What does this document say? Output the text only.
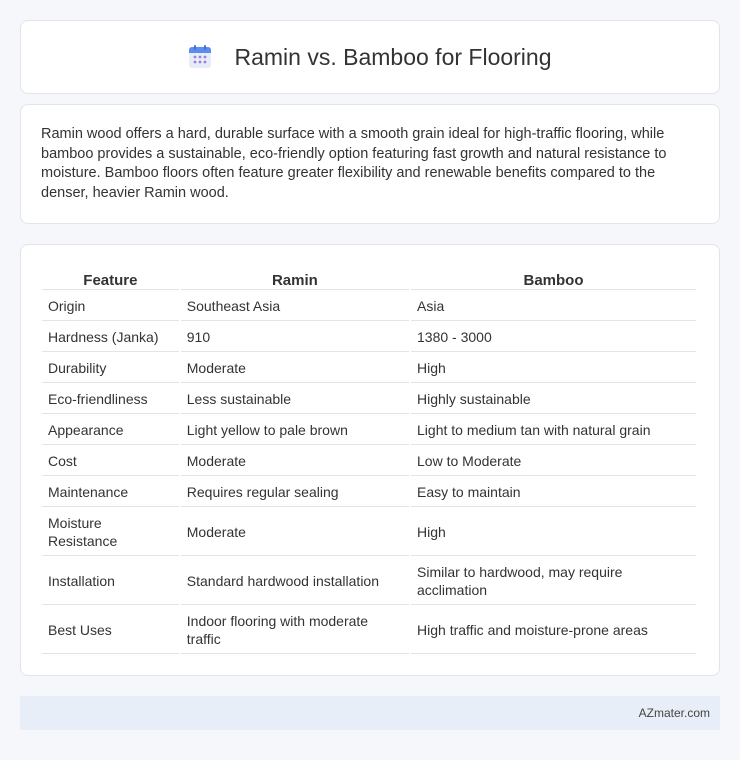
Ramin vs. Bamboo for Flooring

Ramin wood offers a hard, durable surface with a smooth grain ideal for high-traffic flooring, while bamboo provides a sustainable, eco-friendly option featuring fast growth and natural resistance to moisture. Bamboo floors often feature greater flexibility and renewable benefits compared to the denser, heavier Ramin wood.

Feature	Ramin	Bamboo
Origin	Southeast Asia	Asia
Hardness (Janka)	910	1380 - 3000
Durability	Moderate	High
Eco-friendliness	Less sustainable	Highly sustainable
Appearance	Light yellow to pale brown	Light to medium tan with natural grain
Cost	Moderate	Low to Moderate
Maintenance	Requires regular sealing	Easy to maintain
Moisture Resistance	Moderate	High
Installation	Standard hardwood installation	Similar to hardwood, may require acclimation
Best Uses	Indoor flooring with moderate traffic	High traffic and moisture-prone areas
AZmater.com
